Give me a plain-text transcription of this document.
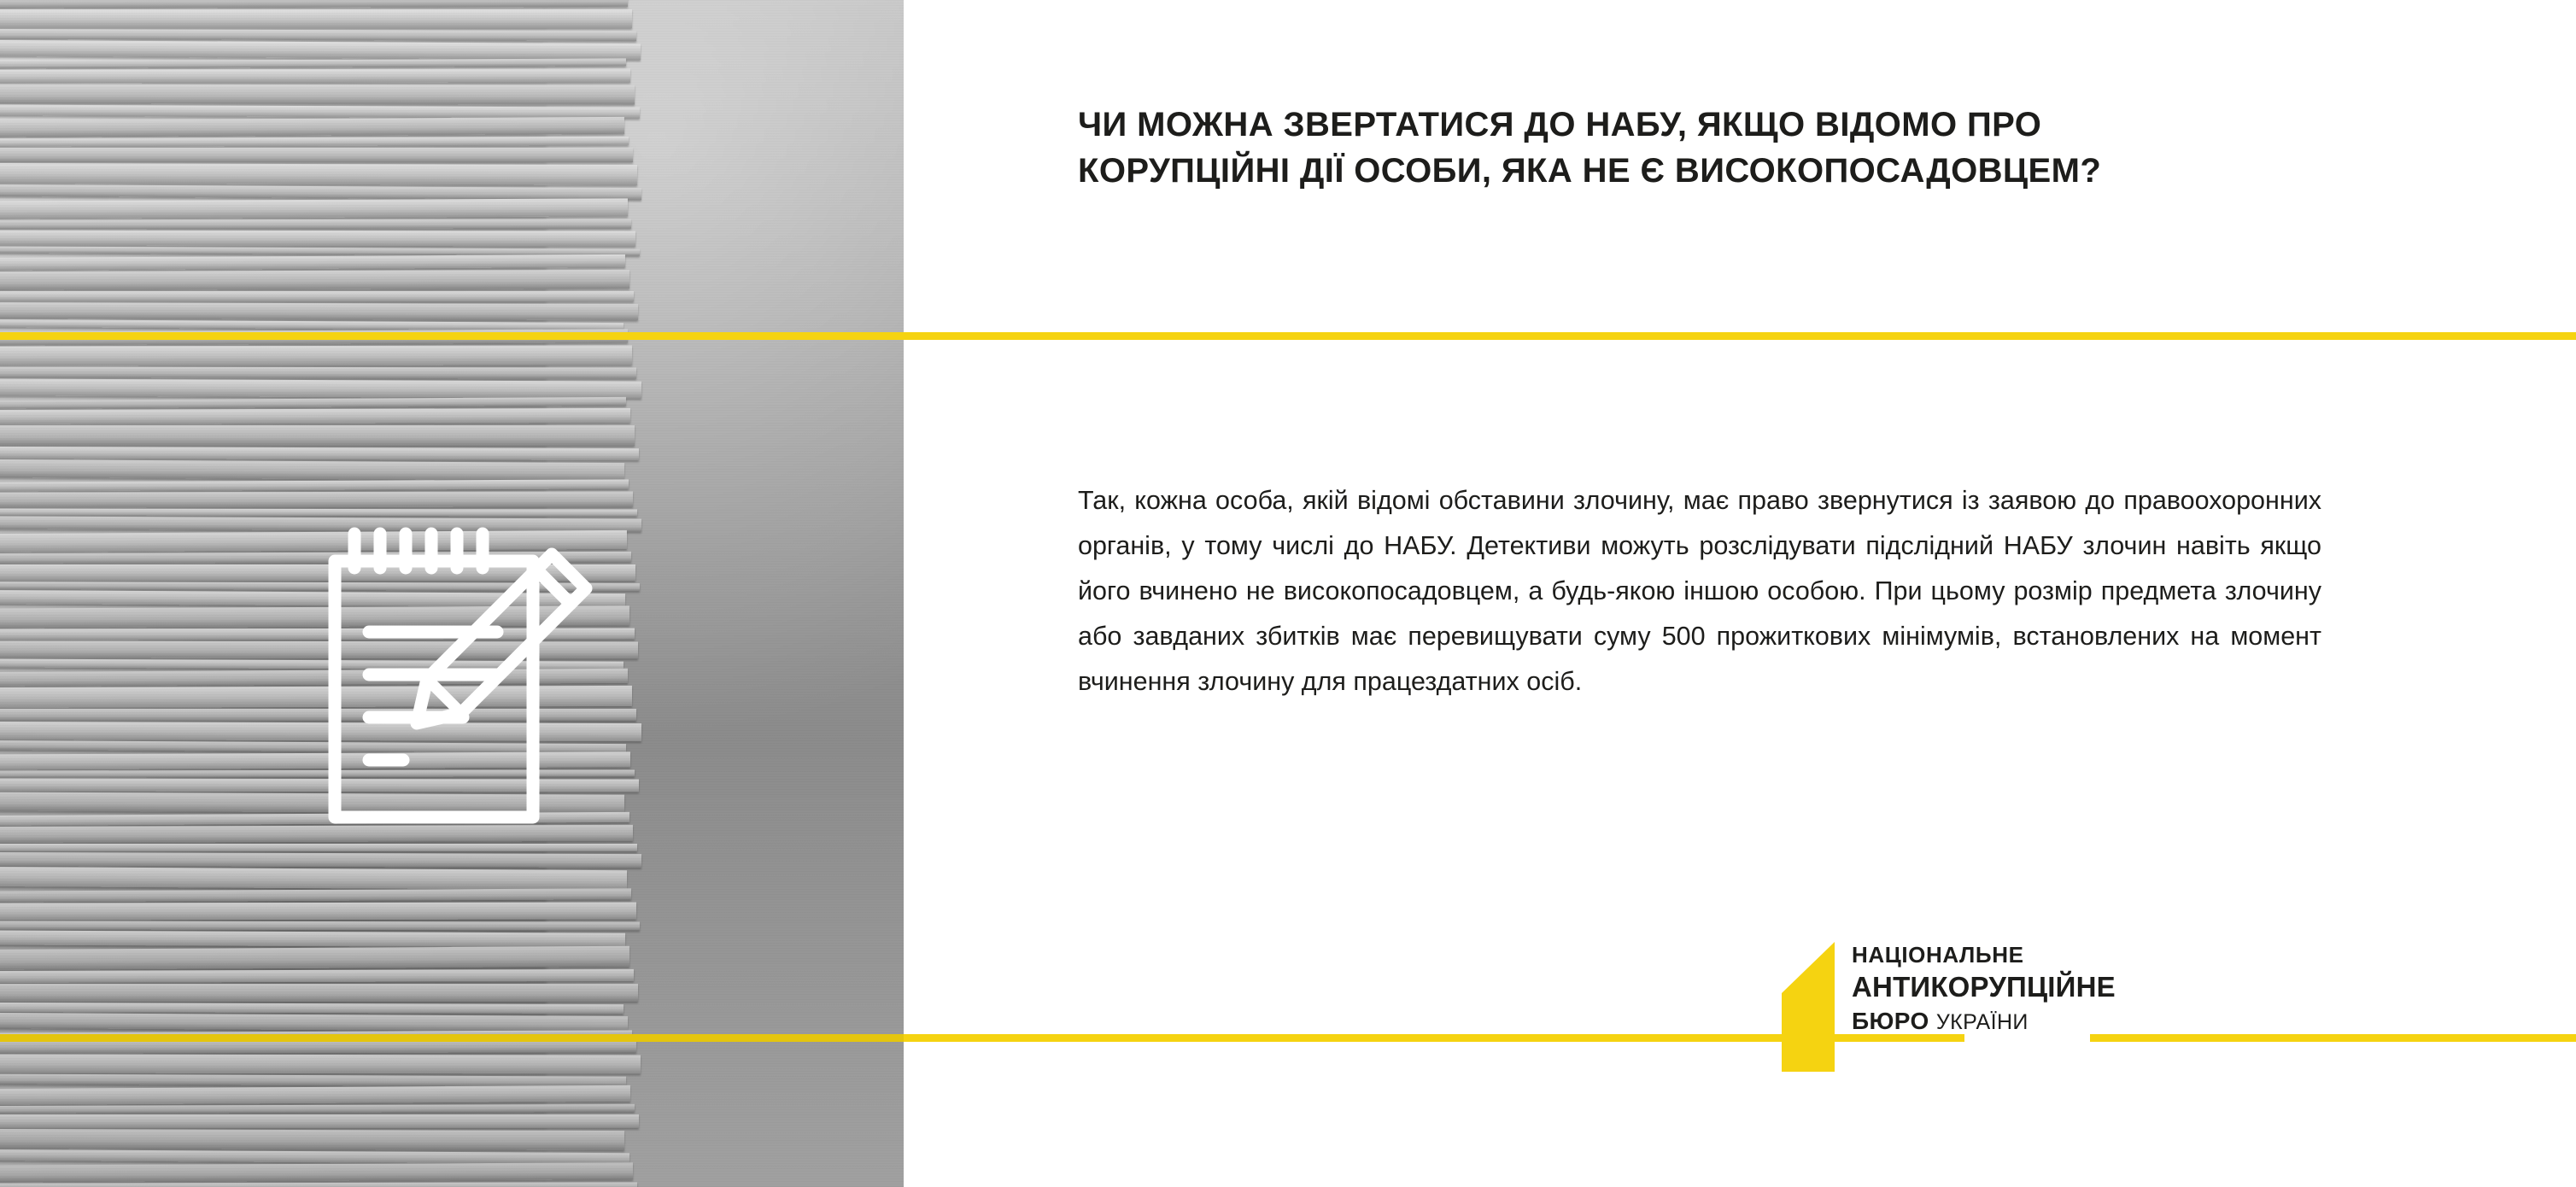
ЧИ МОЖНА ЗВЕРТАТИСЯ ДО НАБУ, ЯКЩО ВІДОМО ПРО
КОРУПЦІЙНІ ДІЇ ОСОБИ, ЯКА НЕ Є ВИСОКОПОСАДОВЦЕМ?

Так, кожна особа, якій відомі обставини злочину, має право звернутися із заявою до правоохоронних органів, у тому числі до НАБУ. Детективи можуть розслідувати підслідний НАБУ злочин навіть якщо його вчинено не високопосадовцем, а будь-якою іншою особою. При цьому розмір предмета злочину або завданих збитків має перевищувати суму 500 прожиткових мінімумів, встановлених на момент вчинення злочину для працездатних осіб.

НАЦІОНАЛЬНЕ
АНТИКОРУПЦІЙНЕ
БЮРО УКРАЇНИ
